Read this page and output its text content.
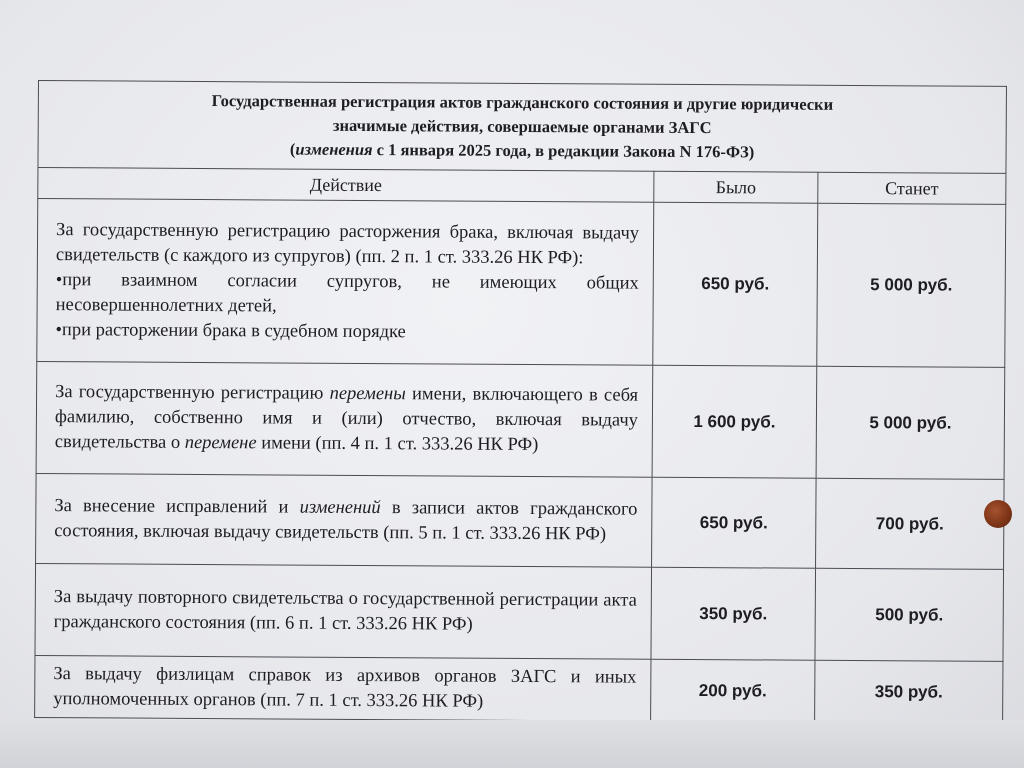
Государственная регистрация актов гражданского состояния и другие юридически
значимые действия, совершаемые органами ЗАГС
(изменения с 1 января 2025 года, в редакции Закона N 176-ФЗ)		

Действие	Было	Станет

За государственную регистрацию расторжения брака, включая выдачу свидетельств (с каждого из супругов) (пп. 2 п. 1 ст. 333.26 НК РФ):
•при взаимном согласии супругов, не имеющих общих несовершеннолетних детей,
•при расторжении брака в судебном порядке	650 руб.	5 000 руб.
За государственную регистрацию перемены имени, включающего в себя фамилию, собственно имя и (или) отчество, включая выдачу свидетельства о перемене имени (пп. 4 п. 1 ст. 333.26 НК РФ)	1 600 руб.	5 000 руб.
За внесение исправлений и изменений в записи актов гражданского состояния, включая выдачу свидетельств (пп. 5 п. 1 ст. 333.26 НК РФ)	650 руб.	700 руб.
За выдачу повторного свидетельства о государственной регистрации акта гражданского состояния (пп. 6 п. 1 ст. 333.26 НК РФ)	350 руб.	500 руб.
За выдачу физлицам справок из архивов органов ЗАГС и иных уполномоченных органов (пп. 7 п. 1 ст. 333.26 НК РФ)	200 руб.	350 руб.
